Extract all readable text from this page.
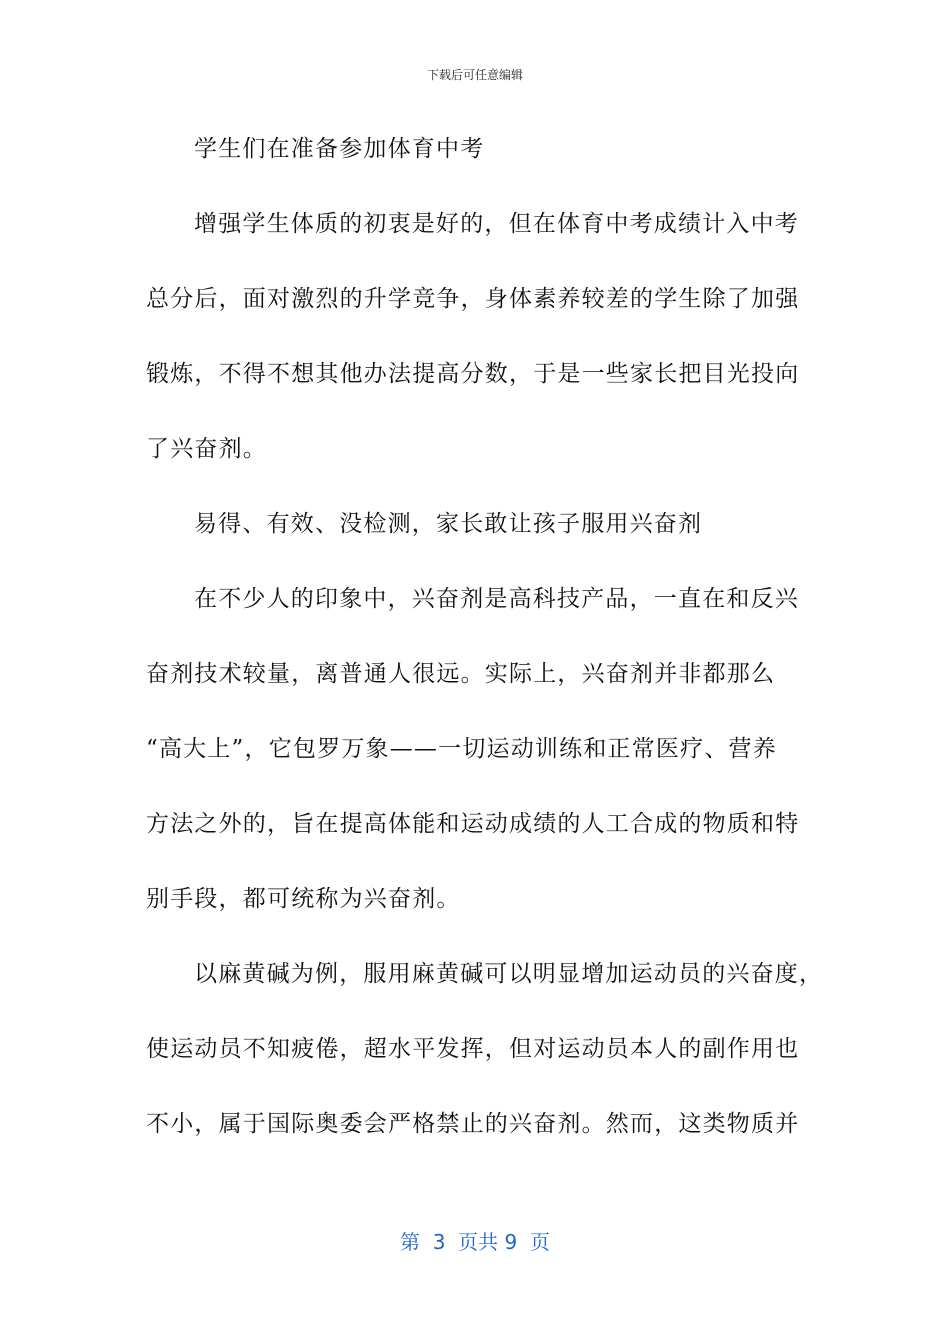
下载后可任意编辑
学生们在准备参加体育中考
增强学生体质的初衷是好的，但在体育中考成绩计入中考
总分后，面对激烈的升学竞争，身体素养较差的学生除了加强
锻炼，不得不想其他办法提高分数，于是一些家长把目光投向
了兴奋剂。
易得、有效、没检测，家长敢让孩子服用兴奋剂
在不少人的印象中，兴奋剂是高科技产品，一直在和反兴
奋剂技术较量，离普通人很远。实际上，兴奋剂并非都那么
“高大上”，它包罗万象——一切运动训练和正常医疗、营养
方法之外的，旨在提高体能和运动成绩的人工合成的物质和特
别手段，都可统称为兴奋剂。
以麻黄碱为例，服用麻黄碱可以明显增加运动员的兴奋度，
使运动员不知疲倦，超水平发挥，但对运动员本人的副作用也
不小，属于国际奥委会严格禁止的兴奋剂。然而，这类物质并
第  3  页共 9  页
